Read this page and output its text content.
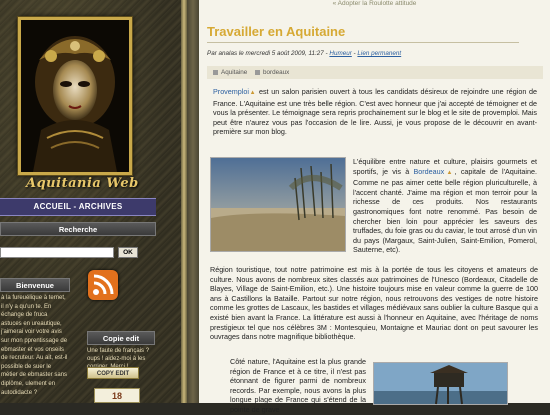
Aquitania Web
ACCUEIL - ARCHIVES
Recherche
OK
Bienvenue
à la fureuélique à ternet, il n'y a qu'un te. En échange de fruca astuces en ureautique, j'aimerai voir votre avis sur mon pprentissage de ebmaster et vos onseils de recruteur. Au ait, est-il possible de suer le métier de ebmaster sans diplôme, ulement en autodidacte ?
Copie edit
Une faute de français ? oups ! aidez-moi à les
COPY EDIT
18
« Adopter la Roulotte attitude
Travailler en Aquitaine
Par analas le mercredi 5 août 2009, 11:27 - Humeur - Lien permanent
Aquitaine	bordeaux

Provemploi▲ est un salon parisien ouvert à tous les candidats désireux de rejoindre une région de France. L'Aquitaine est une très belle région. C'est avec honneur que j'ai accepté de témoigner et de vous la présenter. Le témoignage sera repris prochainement sur le blog et le site de provemploi. Mais peut être n'aurez vous pas l'occasion de le lire. Aussi, je vous propose de le découvrir en avant-première sur mon blog.

L'équilibre entre nature et culture, plaisirs gourmets et sportifs, je vis à Bordeaux▲, capitale de l'Aquitaine. Comme ne pas aimer cette belle région pluriculturelle, à l'accent chanté. J'aime ma région et mon terroir pour la richesse de ces produits. Nos restaurants gastronomiques font notre renommé. Pas besoin de chercher bien loin pour apprécier les saveurs des truffades, du foie gras ou du caviar, le tout arrosé d'un vin du pays (Margaux, Saint-Julien, Saint-Emilion, Pomerol, Sauterne, etc).

Région touristique, tout notre patrimoine est mis à la portée de tous les citoyens et amateurs de culture. Nous avons de nombreux sites classés aux patrimoines de l'Unesco (Bordeaux, Citadelle de Blayes, Village de Saint-Emilion, etc.). Une histoire toujours mise en valeur comme la guerre de 100 ans à Castillons la Bataille. Partout sur notre région, nous retrouvons des vestiges de notre histoire comme les grottes de Lascaux, les bastides et villages médiévaux sans oublier la culture Basque qui a existé bien avant la France. La littérature est aussi à l'honneur en Aquitaine, avec l'héritage de noms prestigieux tel que nos célèbres 3M : Montesquieu, Montaigne et Mauriac dont on peut savourer les ouvrages dans notre magnifique bibliothèque.

Côté nature, l'Aquitaine est la plus grande région de France et à ce titre, il n'est pas étonnant de figurer parmi de nombreux records. Par exemple, nous avons la plus longue plage de France qui s'étend de la pointe de grave
